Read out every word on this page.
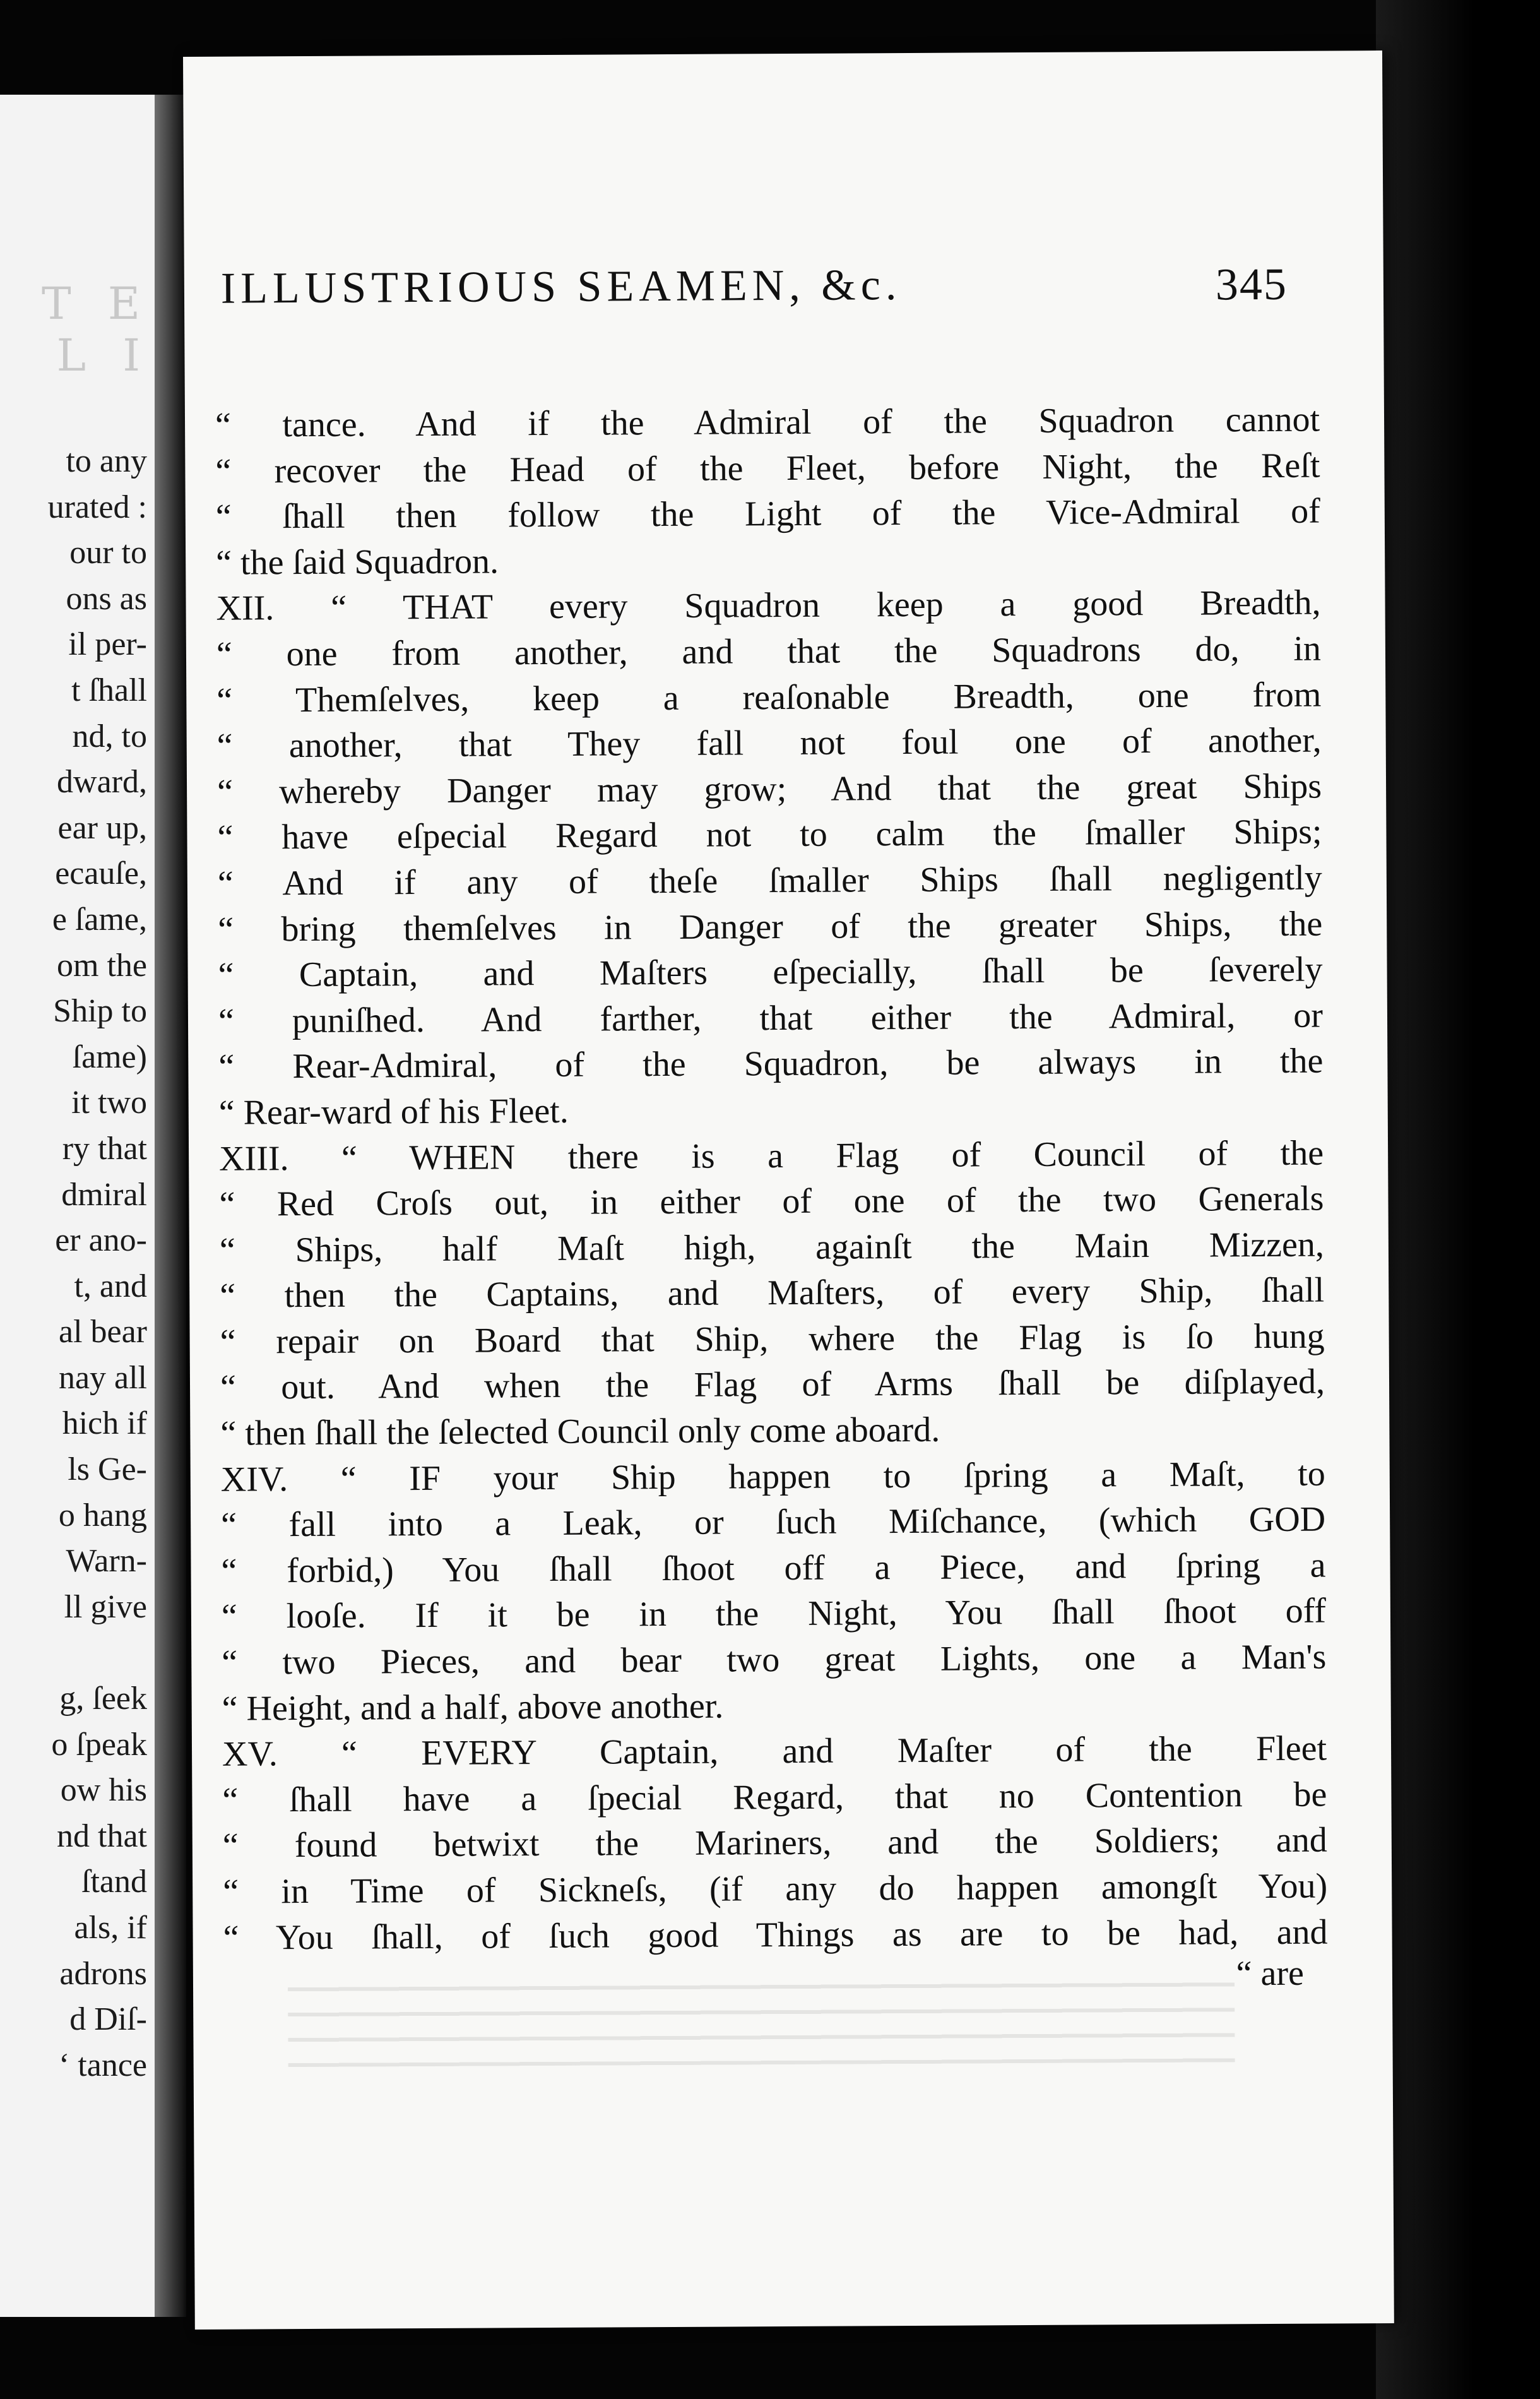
T E L I
to any
urated :
our to
ons as
il per-
t ſhall
nd, to
dward,
ear up,
ecauſe,
e ſame,
om the
Ship to
ſame)
it two
ry that
dmiral
er ano-
t, and
al bear
nay all
hich if
ls Ge-
o hang
Warn-
ll give
g, ſeek
o ſpeak
ow his
nd that
ſtand
als, if
adrons
d Diſ-
‘ tance
ILLUSTRIOUS SEAMEN, &c.	345
“ tance. And if the Admiral of the Squadron cannot
“ recover the Head of the Fleet, before Night, the Reſt
“ ſhall then follow the Light of the Vice-Admiral of
“ the ſaid Squadron.
XII. “ THAT every Squadron keep a good Breadth,
“ one from another, and that the Squadrons do, in
“ Themſelves, keep a reaſonable Breadth, one from
“ another, that They fall not foul one of another,
“ whereby Danger may grow; And that the great Ships
“ have eſpecial Regard not to calm the ſmaller Ships;
“ And if any of theſe ſmaller Ships ſhall negligently
“ bring themſelves in Danger of the greater Ships, the
“ Captain, and Maſters eſpecially, ſhall be ſeverely
“ puniſhed. And farther, that either the Admiral, or
“ Rear-Admiral, of the Squadron, be always in the
“ Rear-ward of his Fleet.
XIII. “ WHEN there is a Flag of Council of the
“ Red Croſs out, in either of one of the two Generals
“ Ships, half Maſt high, againſt the Main Mizzen,
“ then the Captains, and Maſters, of every Ship, ſhall
“ repair on Board that Ship, where the Flag is ſo hung
“ out. And when the Flag of Arms ſhall be diſplayed,
“ then ſhall the ſelected Council only come aboard.
XIV. “ IF your Ship happen to ſpring a Maſt, to
“ fall into a Leak, or ſuch Miſchance, (which GOD
“ forbid,) You ſhall ſhoot off a Piece, and ſpring a
“ looſe. If it be in the Night, You ſhall ſhoot off
“ two Pieces, and bear two great Lights, one a Man's
“ Height, and a half, above another.
XV. “ EVERY Captain, and Maſter of the Fleet
“ ſhall have a ſpecial Regard, that no Contention be
“ found betwixt the Mariners, and the Soldiers; and
“ in Time of Sickneſs, (if any do happen amongſt You)
“ You ſhall, of ſuch good Things as are to be had, and
“ are
